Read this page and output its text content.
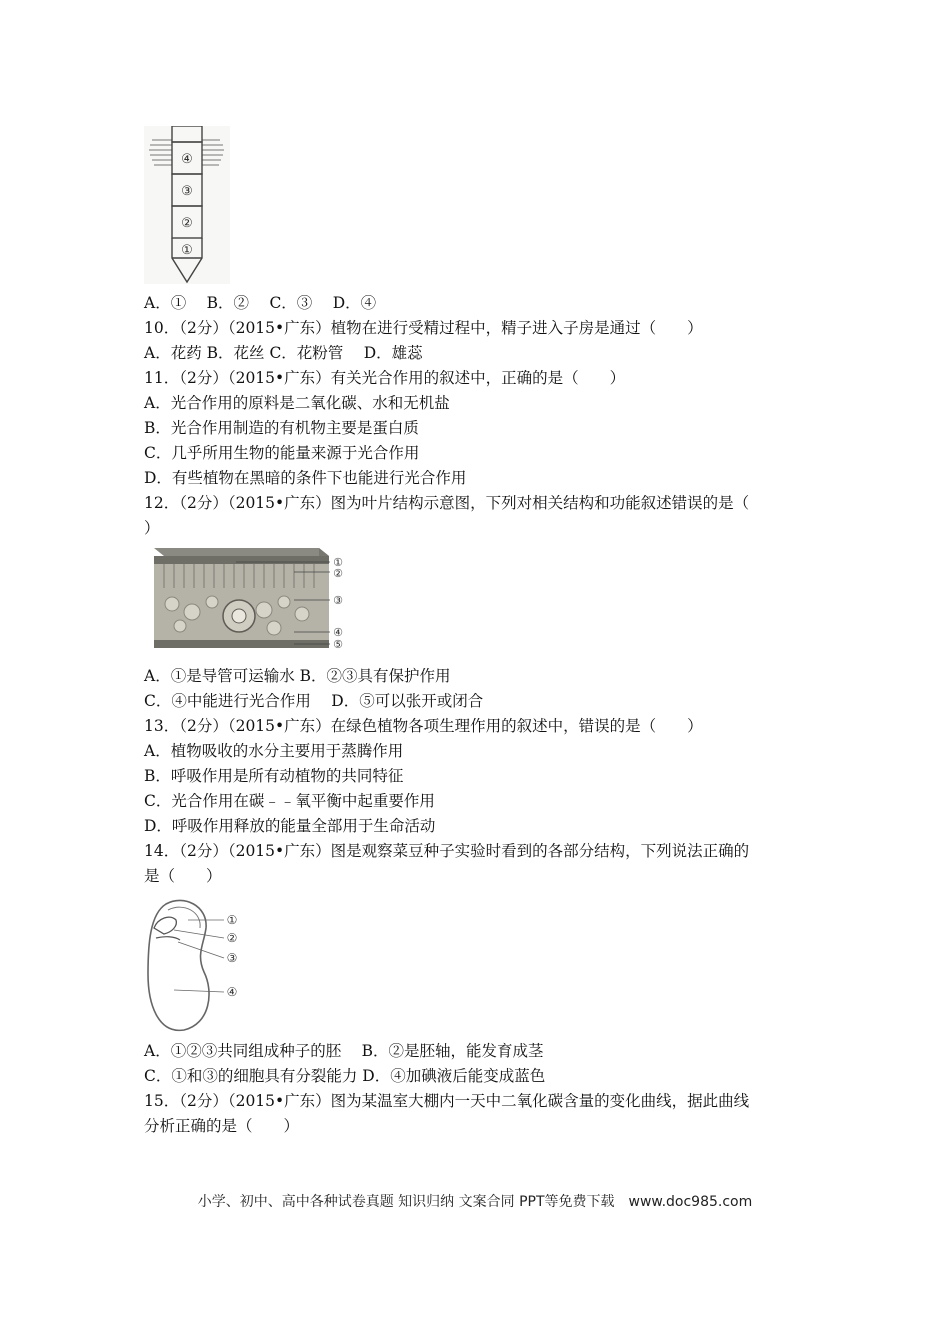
④
③
②
①
A．①　 B．②　 C．③　 D．④
10．（2分）（2015•广东）植物在进行受精过程中，精子进入子房是通过（　　）
A．花药 B．花丝 C．花粉管　 D．雄蕊
11．（2分）（2015•广东）有关光合作用的叙述中，正确的是（　　）
A．光合作用的原料是二氧化碳、水和无机盐
B．光合作用制造的有机物主要是蛋白质
C．几乎所用生物的能量来源于光合作用
D．有些植物在黑暗的条件下也能进行光合作用
12．（2分）（2015•广东）图为叶片结构示意图，下列对相关结构和功能叙述错误的是（
）
①
②
③
④
⑤
A．①是导管可运输水 B．②③具有保护作用
C．④中能进行光合作用　 D．⑤可以张开或闭合
13．（2分）（2015•广东）在绿色植物各项生理作用的叙述中，错误的是（　　）
A．植物吸收的水分主要用于蒸腾作用
B．呼吸作用是所有动植物的共同特征
C．光合作用在碳﹣﹣氧平衡中起重要作用
D．呼吸作用释放的能量全部用于生命活动
14．（2分）（2015•广东）图是观察菜豆种子实验时看到的各部分结构，下列说法正确的
是（　　）
①
②
③
④
A．①②③共同组成种子的胚　 B．②是胚轴，能发育成茎
C．①和③的细胞具有分裂能力 D．④加碘液后能变成蓝色
15．（2分）（2015•广东）图为某温室大棚内一天中二氧化碳含量的变化曲线，据此曲线
分析正确的是（　　）
小学、初中、高中各种试卷真题 知识归纳 文案合同 PPT等免费下载　www.doc985.com
